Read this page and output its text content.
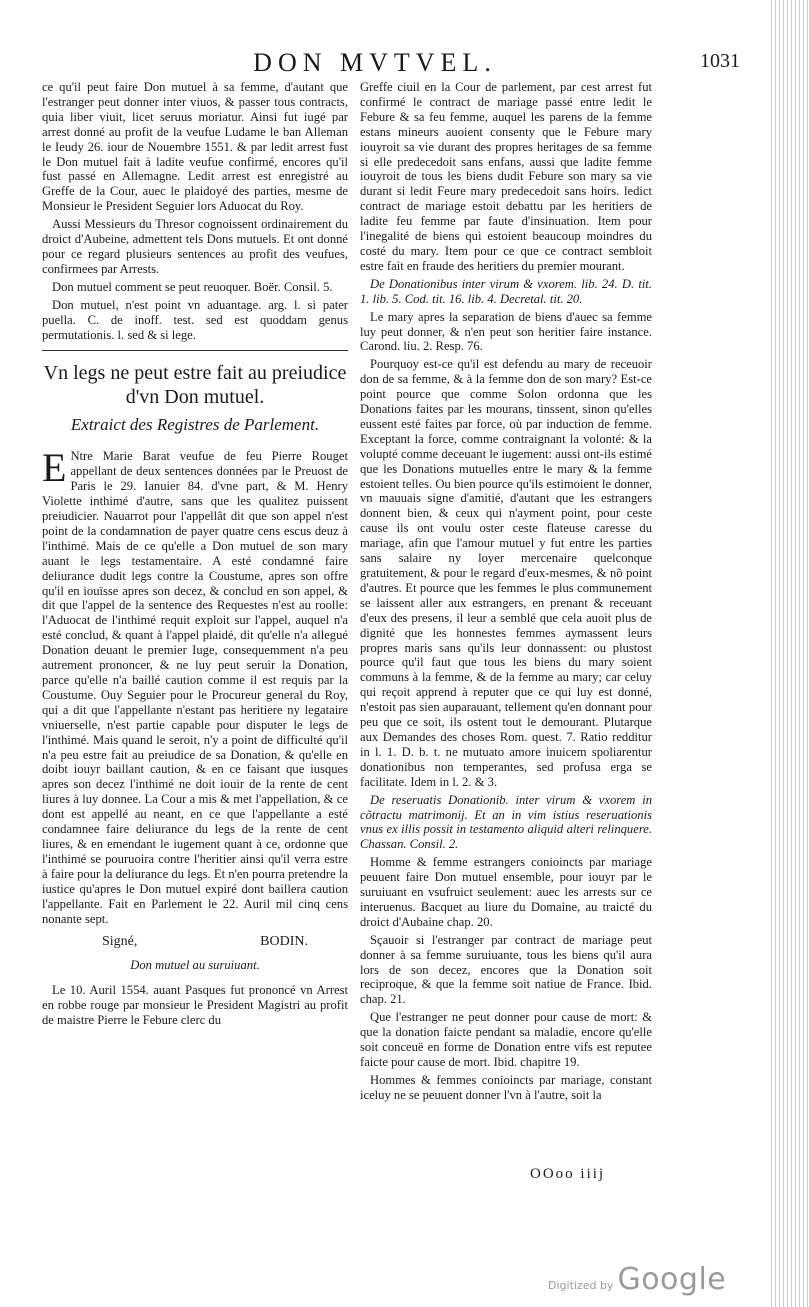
DON MVTVEL.	1031

ce qu'il peut faire Don mutuel à sa femme, d'autant que l'estranger peut donner inter viuos, & passer tous contracts, quia liber viuit, licet seruus moriatur. Ainsi fut iugé par arrest donné au profit de la veufue Ludame le ban Alleman le Ieudy 26. iour de Nouembre 1551. & par ledit arrest fust le Don mutuel fait à ladite veufue confirmé, encores qu'il fust passé en Allemagne. Ledit arrest est enregistré au Greffe de la Cour, auec le plaidoyé des parties, mesme de Monsieur le President Seguier lors Aduocat du Roy.

Aussi Messieurs du Thresor cognoissent ordinairement du droict d'Aubeine, admettent tels Dons mutuels. Et ont donné pour ce regard plusieurs sentences au profit des veufues, confirmees par Arrests.

Don mutuel comment se peut reuoquer. Boër. Consil. 5.

Don mutuel, n'est point vn aduantage. arg. l. si pater puella. C. de inoff. test. sed est quoddam genus permutationis. l. sed & si lege.

Vn legs ne peut estre fait au preiudice d'vn Don mutuel.
Extraict des Registres de Parlement.

E Ntre Marie Barat veufue de feu Pierre Rouget appellant de deux sentences données par le Preuost de Paris le 29. Ianuier 84. d'vne part, & M. Henry Violette inthimé d'autre, sans que les qualitez puissent preiudicier. Nauarrot pour l'appellât dit que son appel n'est point de la condamnation de payer quatre cens escus deuz à l'inthimé. Mais de ce qu'elle a Don mutuel de son mary auant le legs testamentaire. A esté condamné faire deliurance dudit legs contre la Coustume, apres son offre qu'il en iouïsse apres son decez, & conclud en son appel, & dit que l'appel de la sentence des Requestes n'est au roolle: l'Aduocat de l'inthimé requit exploit sur l'appel, auquel n'a esté conclud, & quant à l'appel plaidé, dit qu'elle n'a allegué Donation deuant le premier Iuge, consequemment n'a peu autrement prononcer, & ne luy peut seruir la Donation, parce qu'elle n'a baillé caution comme il est requis par la Coustume. Ouy Seguier pour le Procureur general du Roy, qui a dit que l'appellante n'estant pas heritiere ny legataire vniuerselle, n'est partie capable pour disputer le legs de l'inthimé. Mais quand le seroit, n'y a point de difficulté qu'il n'a peu estre fait au preiudice de sa Donation, & qu'elle en doibt iouyr baillant caution, & en ce faisant que iusques apres son decez l'inthimé ne doit iouir de la rente de cent liures à luy donnee. La Cour a mis & met l'appellation, & ce dont est appellé au neant, en ce que l'appellante a esté condamnee faire deliurance du legs de la rente de cent liures, & en emendant le iugement quant à ce, ordonne que l'inthimé se pouruoira contre l'heritier ainsi qu'il verra estre à faire pour la deliurance du legs. Et n'en pourra pretendre la iustice qu'apres le Don mutuel expiré dont baillera caution l'appellante. Fait en Parlement le 22. Auril mil cinq cens nonante sept.

Signé,	BODIN.
Don mutuel au suruiuant.

Le 10. Auril 1554. auant Pasques fut prononcé vn Arrest en robbe rouge par monsieur le President Magistri au profit de maistre Pierre le Febure clerc du

Greffe ciuil en la Cour de parlement, par cest arrest fut confirmé le contract de mariage passé entre ledit le Febure & sa feu femme, auquel les parens de la femme estans mineurs auoient consenty que le Febure mary iouyroit sa vie durant des propres heritages de sa femme si elle predecedoit sans enfans, aussi que ladite femme iouyroit de tous les biens dudit Febure son mary sa vie durant si ledit Feure mary predecedoit sans hoirs. ledict contract de mariage estoit debattu par les heritiers de ladite feu femme par faute d'insinuation. Item pour l'inegalité de biens qui estoient beaucoup moindres du costé du mary. Item pour ce que ce contract sembloit estre fait en fraude des heritiers du premier mourant.

De Donationibus inter virum & vxorem. lib. 24. D. tit. 1. lib. 5. Cod. tit. 16. lib. 4. Decretal. tit. 20.

Le mary apres la separation de biens d'auec sa femme luy peut donner, & n'en peut son heritier faire instance. Carond. liu. 2. Resp. 76.

Pourquoy est-ce qu'il est defendu au mary de receuoir don de sa femme, & à la femme don de son mary? Est-ce point pource que comme Solon ordonna que les Donations faites par les mourans, tinssent, sinon qu'elles eussent esté faites par force, où par induction de femme. Exceptant la force, comme contraignant la volonté: & la volupté comme deceuant le iugement: aussi ont-ils estimé que les Donations mutuelles entre le mary & la femme estoient telles. Ou bien pource qu'ils estimoient le donner, vn mauuais signe d'amitié, d'autant que les estrangers donnent bien, & ceux qui n'ayment point, pour ceste cause ils ont voulu oster ceste flateuse caresse du mariage, afin que l'amour mutuel y fut entre les parties sans salaire ny loyer mercenaire quelconque gratuitement, & pour le regard d'eux-mesmes, & nõ point d'autres. Et pource que les femmes le plus communement se laissent aller aux estrangers, en prenant & receuant d'eux des presens, il leur a semblé que cela auoit plus de dignité que les honnestes femmes aymassent leurs propres maris sans qu'ils leur donnassent: ou plustost pource qu'il faut que tous les biens du mary soient communs à la femme, & de la femme au mary; car celuy qui reçoit apprend à reputer que ce qui luy est donné, n'estoit pas sien auparauant, tellement qu'en donnant pour peu que ce soit, ils ostent tout le demourant. Plutarque aux Demandes des choses Rom. quest. 7. Ratio redditur in l. 1. D. b. t. ne mutuato amore inuicem spoliarentur donationibus non temperantes, sed profusa erga se facilitate. Idem in l. 2. & 3.

De reseruatis Donationib. inter virum & vxorem in cõtractu matrimonij. Et an in vim istius reseruationis vnus ex illis possit in testamento aliquid alteri relinquere. Chassan. Consil. 2.

Homme & femme estrangers conioincts par mariage peuuent faire Don mutuel ensemble, pour iouyr par le suruiuant en vsufruict seulement: auec les arrests sur ce interuenus. Bacquet au liure du Domaine, au traicté du droict d'Aubaine chap. 20.

Sçauoir si l'estranger par contract de mariage peut donner à sa femme suruiuante, tous les biens qu'il aura lors de son decez, encores que la Donation soit reciproque, & que la femme soit natiue de France. Ibid. chap. 21.

Que l'estranger ne peut donner pour cause de mort: & que la donation faicte pendant sa maladie, encore qu'elle soit conceuë en forme de Donation entre vifs est reputee faicte pour cause de mort. Ibid. chapitre 19.

Hommes & femmes conioincts par mariage, constant iceluy ne se peuuent donner l'vn à l'autre, soit la

OOoo iiij
Digitized by Google
